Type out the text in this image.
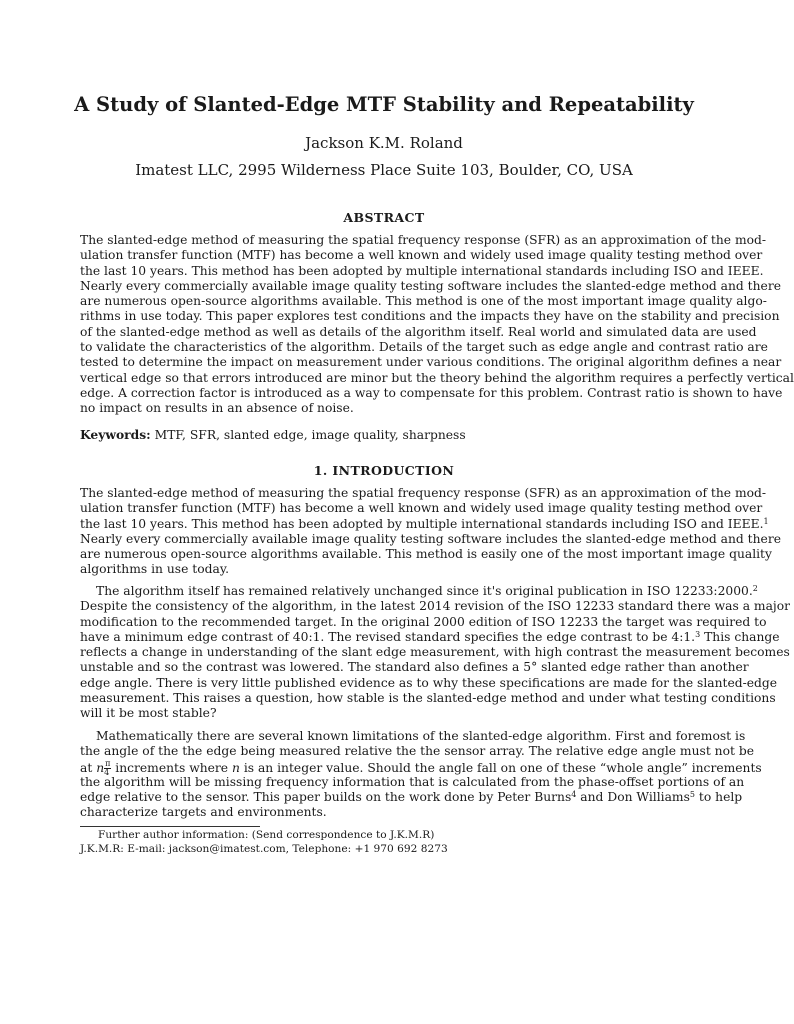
A Study of Slanted-Edge MTF Stability and Repeatability
Jackson K.M. Roland
Imatest LLC, 2995 Wilderness Place Suite 103, Boulder, CO, USA
ABSTRACT
The slanted-edge method of measuring the spatial frequency response (SFR) as an approximation of the mod-
ulation transfer function (MTF) has become a well known and widely used image quality testing method over
the last 10 years. This method has been adopted by multiple international standards including ISO and IEEE.
Nearly every commercially available image quality testing software includes the slanted-edge method and there
are numerous open-source algorithms available. This method is one of the most important image quality algo-
rithms in use today. This paper explores test conditions and the impacts they have on the stability and precision
of the slanted-edge method as well as details of the algorithm itself. Real world and simulated data are used
to validate the characteristics of the algorithm. Details of the target such as edge angle and contrast ratio are
tested to determine the impact on measurement under various conditions. The original algorithm defines a near
vertical edge so that errors introduced are minor but the theory behind the algorithm requires a perfectly vertical
edge. A correction factor is introduced as a way to compensate for this problem. Contrast ratio is shown to have
no impact on results in an absence of noise.
Keywords: MTF, SFR, slanted edge, image quality, sharpness
1. INTRODUCTION
The slanted-edge method of measuring the spatial frequency response (SFR) as an approximation of the mod-
ulation transfer function (MTF) has become a well known and widely used image quality testing method over
the last 10 years. This method has been adopted by multiple international standards including ISO and IEEE.$^1$
Nearly every commercially available image quality testing software includes the slanted-edge method and there
are numerous open-source algorithms available. This method is easily one of the most important image quality
algorithms in use today.
The algorithm itself has remained relatively unchanged since it's original publication in ISO 12233:2000.$^2$
Despite the consistency of the algorithm, in the latest 2014 revision of the ISO 12233 standard there was a major
modification to the recommended target. In the original 2000 edition of ISO 12233 the target was required to
have a minimum edge contrast of 40:1. The revised standard specifies the edge contrast to be 4:1.$^3$ This change
reflects a change in understanding of the slant edge measurement, with high contrast the measurement becomes
unstable and so the contrast was lowered. The standard also defines a 5° slanted edge rather than another
edge angle. There is very little published evidence as to why these specifications are made for the slanted-edge
measurement. This raises a question, how stable is the slanted-edge method and under what testing conditions
will it be most stable?
Mathematically there are several known limitations of the slanted-edge algorithm. First and foremost is
the angle of the the edge being measured relative the the sensor array. The relative edge angle must not be
at n $\frac{\pi}{4}$ increments where n is an integer value. Should the angle fall on one of these “whole angle” increments
the algorithm will be missing frequency information that is calculated from the phase-offset portions of an
edge relative to the sensor. This paper builds on the work done by Peter Burns$^4$ and Don Williams$^5$ to help
characterize targets and environments.
Further author information: (Send correspondence to J.K.M.R)
J.K.M.R: E-mail: jackson@imatest.com, Telephone: +1 970 692 8273
